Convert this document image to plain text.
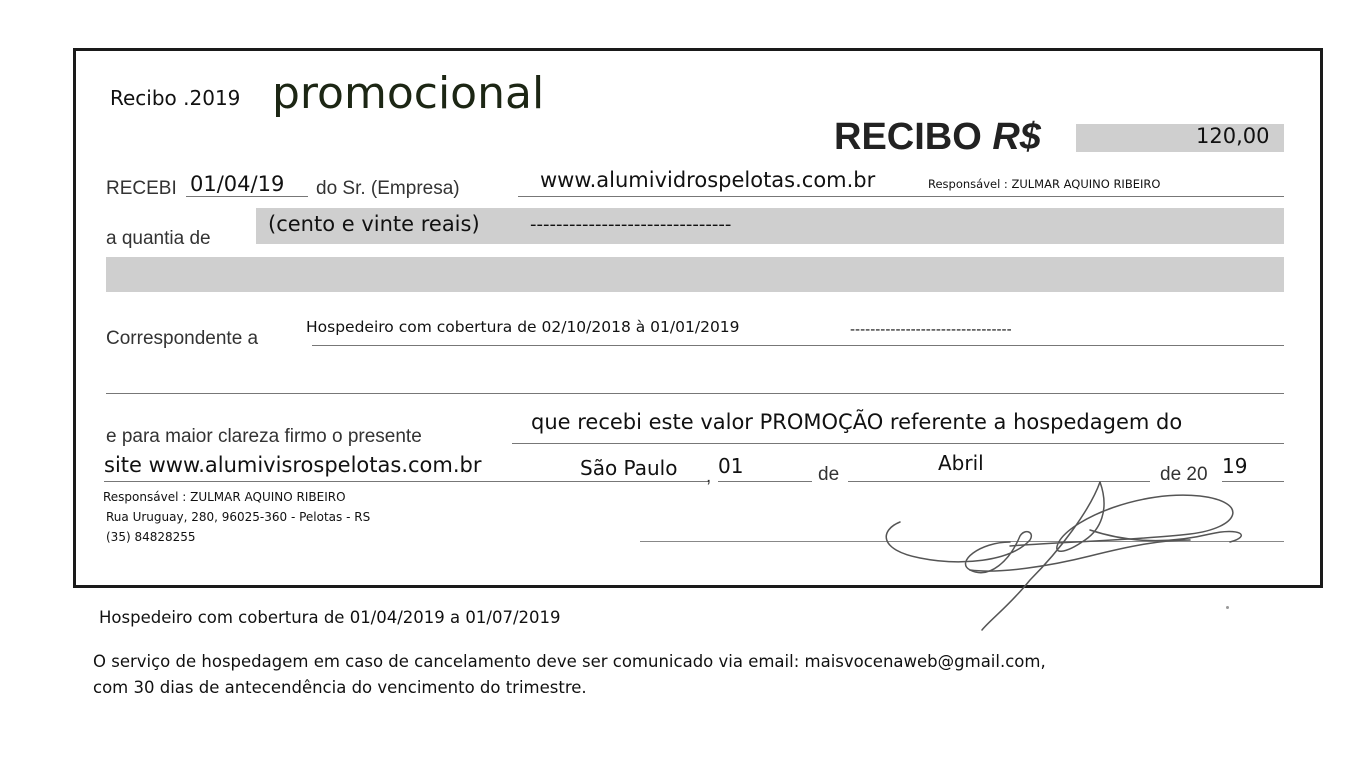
Recibo .2019 promocional
RECIBO R$	120,00
RECEBI 01/04/19 do Sr. (Empresa)	www.alumividrospelotas.com.br	Responsável : ZULMAR AQUINO RIBEIRO
a quantia de
(cento e vinte reais)	-------------------------------
Correspondente a
Hospedeiro com cobertura de 02/10/2018 à 01/01/2019	--------------------------------
e para maior clareza firmo o presente
que recebi este valor PROMOÇÃO referente a hospedagem do
site www.alumivisrospelotas.com.br	São Paulo , 01	de	Abril	de 20 19
Responsável : ZULMAR AQUINO RIBEIRO
Rua Uruguay, 280, 96025-360 - Pelotas - RS
(35) 84828255
Hospedeiro com cobertura de 01/04/2019 a 01/07/2019
O serviço de hospedagem em caso de cancelamento deve ser comunicado via email: maisvocenaweb@gmail.com,
com 30 dias de antecendência do vencimento do trimestre.
